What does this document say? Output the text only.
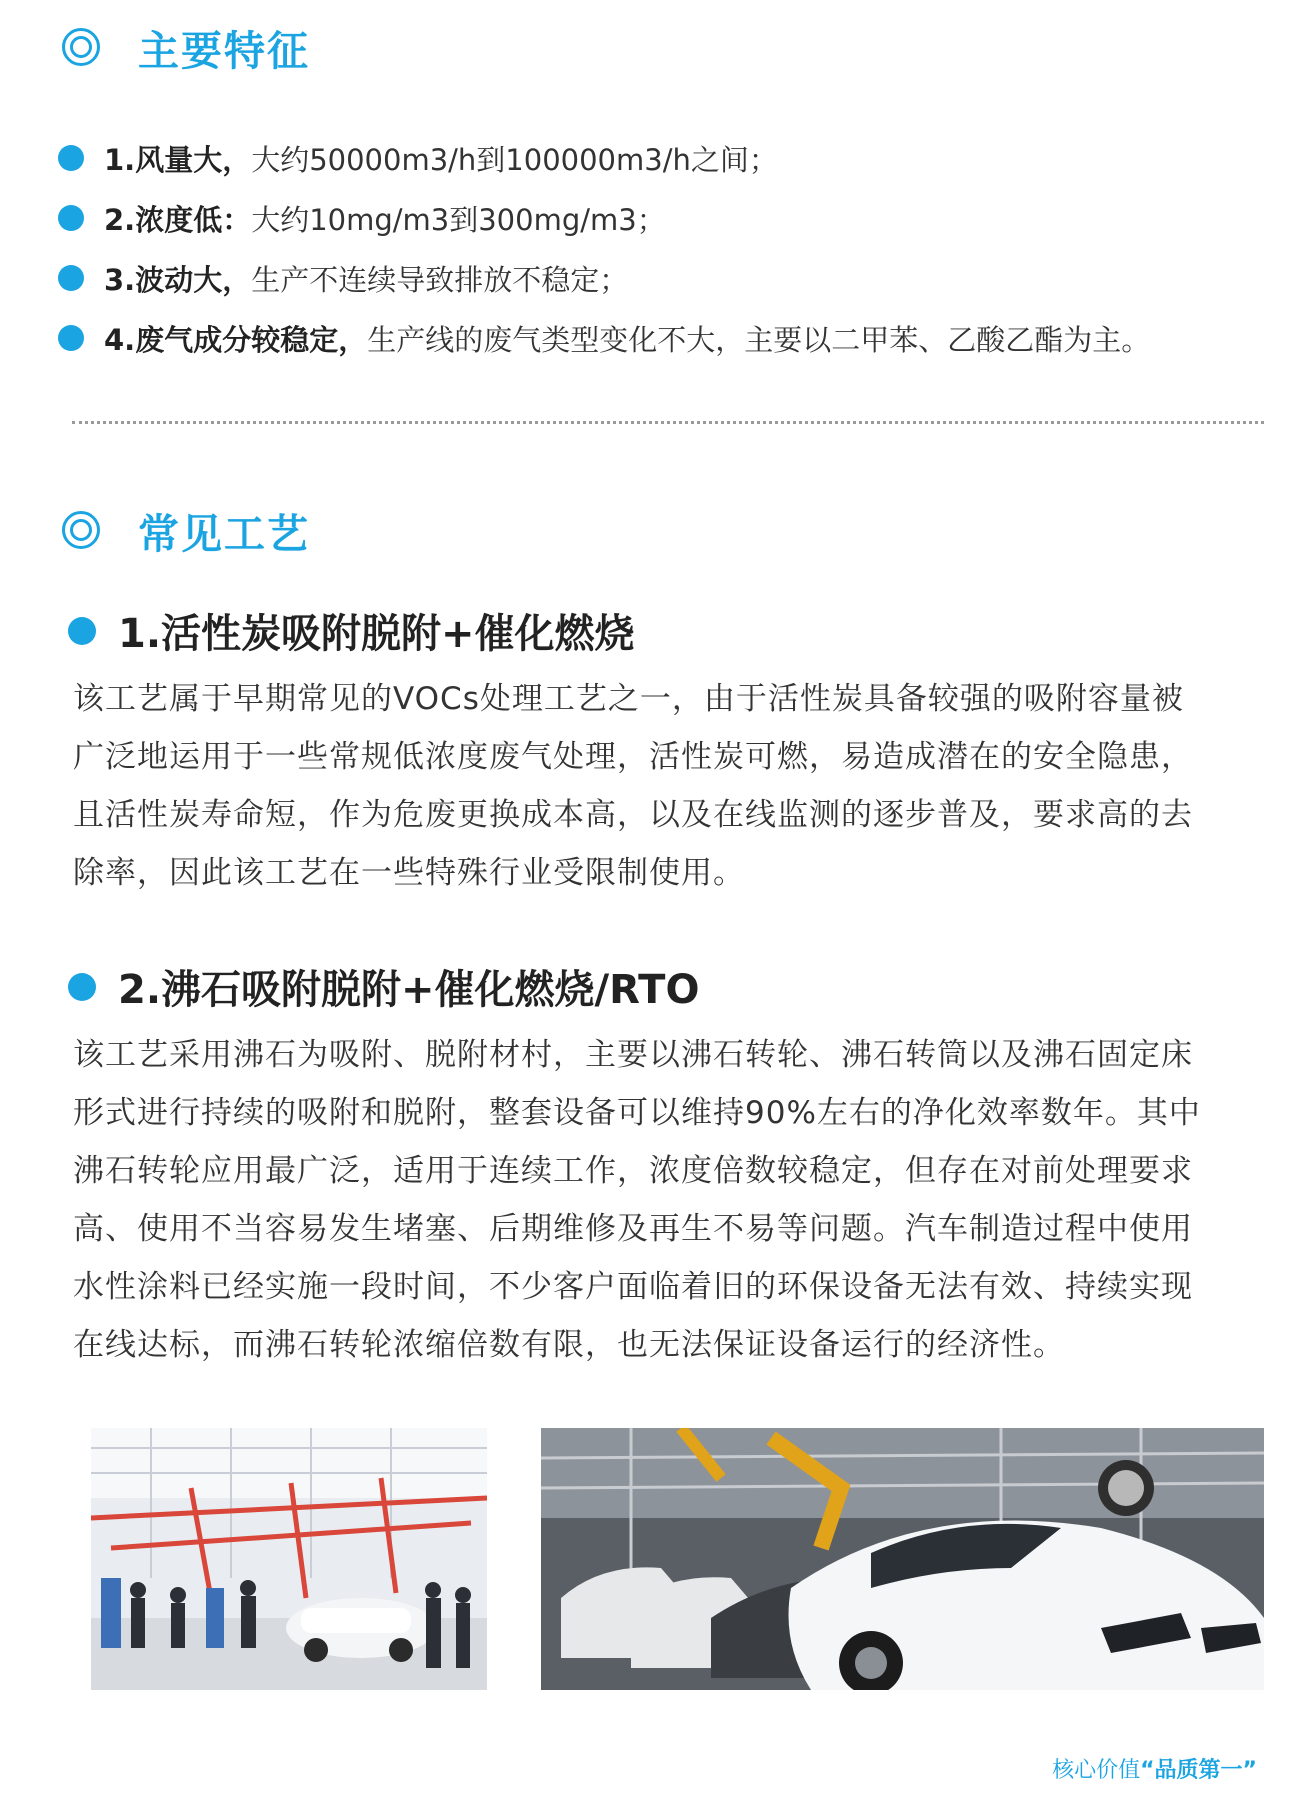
主要特征
1.风量大， 大约50000m3/h到100000m3/h之间；
2.浓度低： 大约10mg/m3到300mg/m3；
3.波动大， 生产不连续导致排放不稳定；
4.废气成分较稳定， 生产线的废气类型变化不大，主要以二甲苯、乙酸乙酯为主。
常见工艺
1.活性炭吸附脱附+催化燃烧
该工艺属于早期常见的VOCs处理工艺之一，由于活性炭具备较强的吸附容量被
广泛地运用于一些常规低浓度废气处理，活性炭可燃，易造成潜在的安全隐患，
且活性炭寿命短，作为危废更换成本高，以及在线监测的逐步普及，要求高的去
除率，因此该工艺在一些特殊行业受限制使用。
2.沸石吸附脱附+催化燃烧/RTO
该工艺采用沸石为吸附、脱附材村，主要以沸石转轮、沸石转筒以及沸石固定床
形式进行持续的吸附和脱附，整套设备可以维持90%左右的净化效率数年。其中
沸石转轮应用最广泛，适用于连续工作，浓度倍数较稳定，但存在对前处理要求
高、使用不当容易发生堵塞、后期维修及再生不易等问题。汽车制造过程中使用
水性涂料已经实施一段时间，不少客户面临着旧的环保设备无法有效、持续实现
在线达标，而沸石转轮浓缩倍数有限，也无法保证设备运行的经济性。
核心价值“品质第一”
